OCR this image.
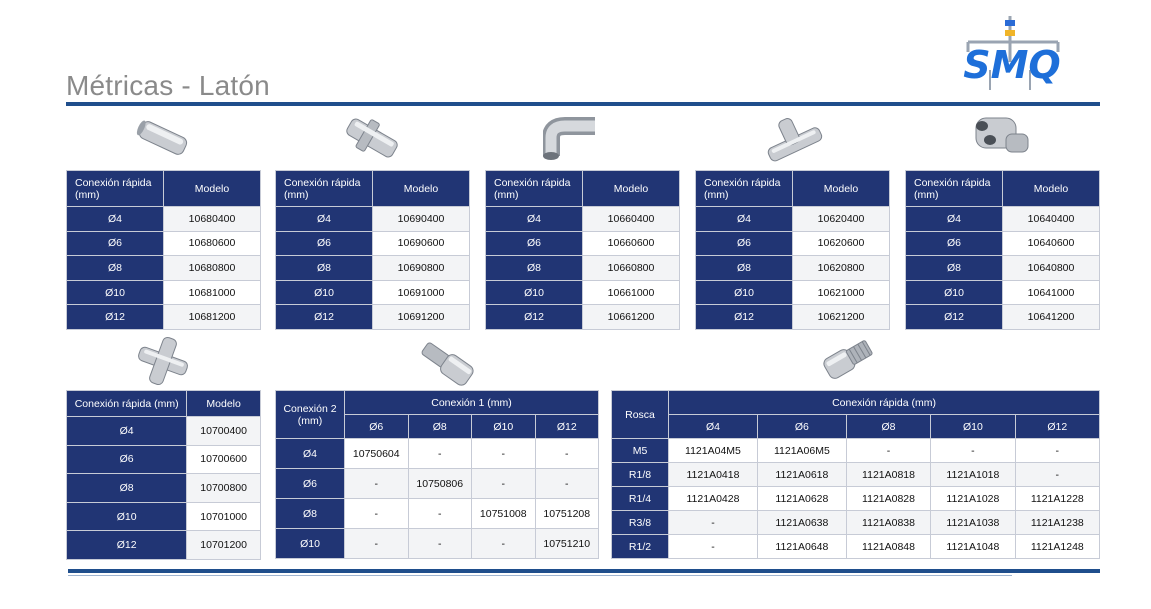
Métricas - Latón	SMQ
Conexión rápida (mm)	Modelo
Ø4	10680400
Ø6	10680600
Ø8	10680800
Ø10	10681000
Ø12	10681200
Conexión rápida (mm)	Modelo
Ø4	10690400
Ø6	10690600
Ø8	10690800
Ø10	10691000
Ø12	10691200
Conexión rápida (mm)	Modelo
Ø4	10660400
Ø6	10660600
Ø8	10660800
Ø10	10661000
Ø12	10661200
Conexión rápida (mm)	Modelo
Ø4	10620400
Ø6	10620600
Ø8	10620800
Ø10	10621000
Ø12	10621200
Conexión rápida (mm)	Modelo
Ø4	10640400
Ø6	10640600
Ø8	10640800
Ø10	10641000
Ø12	10641200
Conexión rápida (mm)	Modelo
Ø4	10700400
Ø6	10700600
Ø8	10700800
Ø10	10701000
Ø12	10701200
Conexión 2 (mm)	Conexión 1 (mm)			
	Ø6	Ø8	Ø10	Ø12
Ø4	10750604	-	-	-
Ø6	-	10750806	-	-
Ø8	-	-	10751008	10751208
Ø10	-	-	-	10751210
Rosca	Conexión rápida (mm)				
	Ø4	Ø6	Ø8	Ø10	Ø12
M5	1121A04M5	1121A06M5	-	-	-
R1/8	1121A0418	1121A0618	1121A0818	1121A1018	-
R1/4	1121A0428	1121A0628	1121A0828	1121A1028	1121A1228
R3/8	-	1121A0638	1121A0838	1121A1038	1121A1238
R1/2	-	1121A0648	1121A0848	1121A1048	1121A1248
